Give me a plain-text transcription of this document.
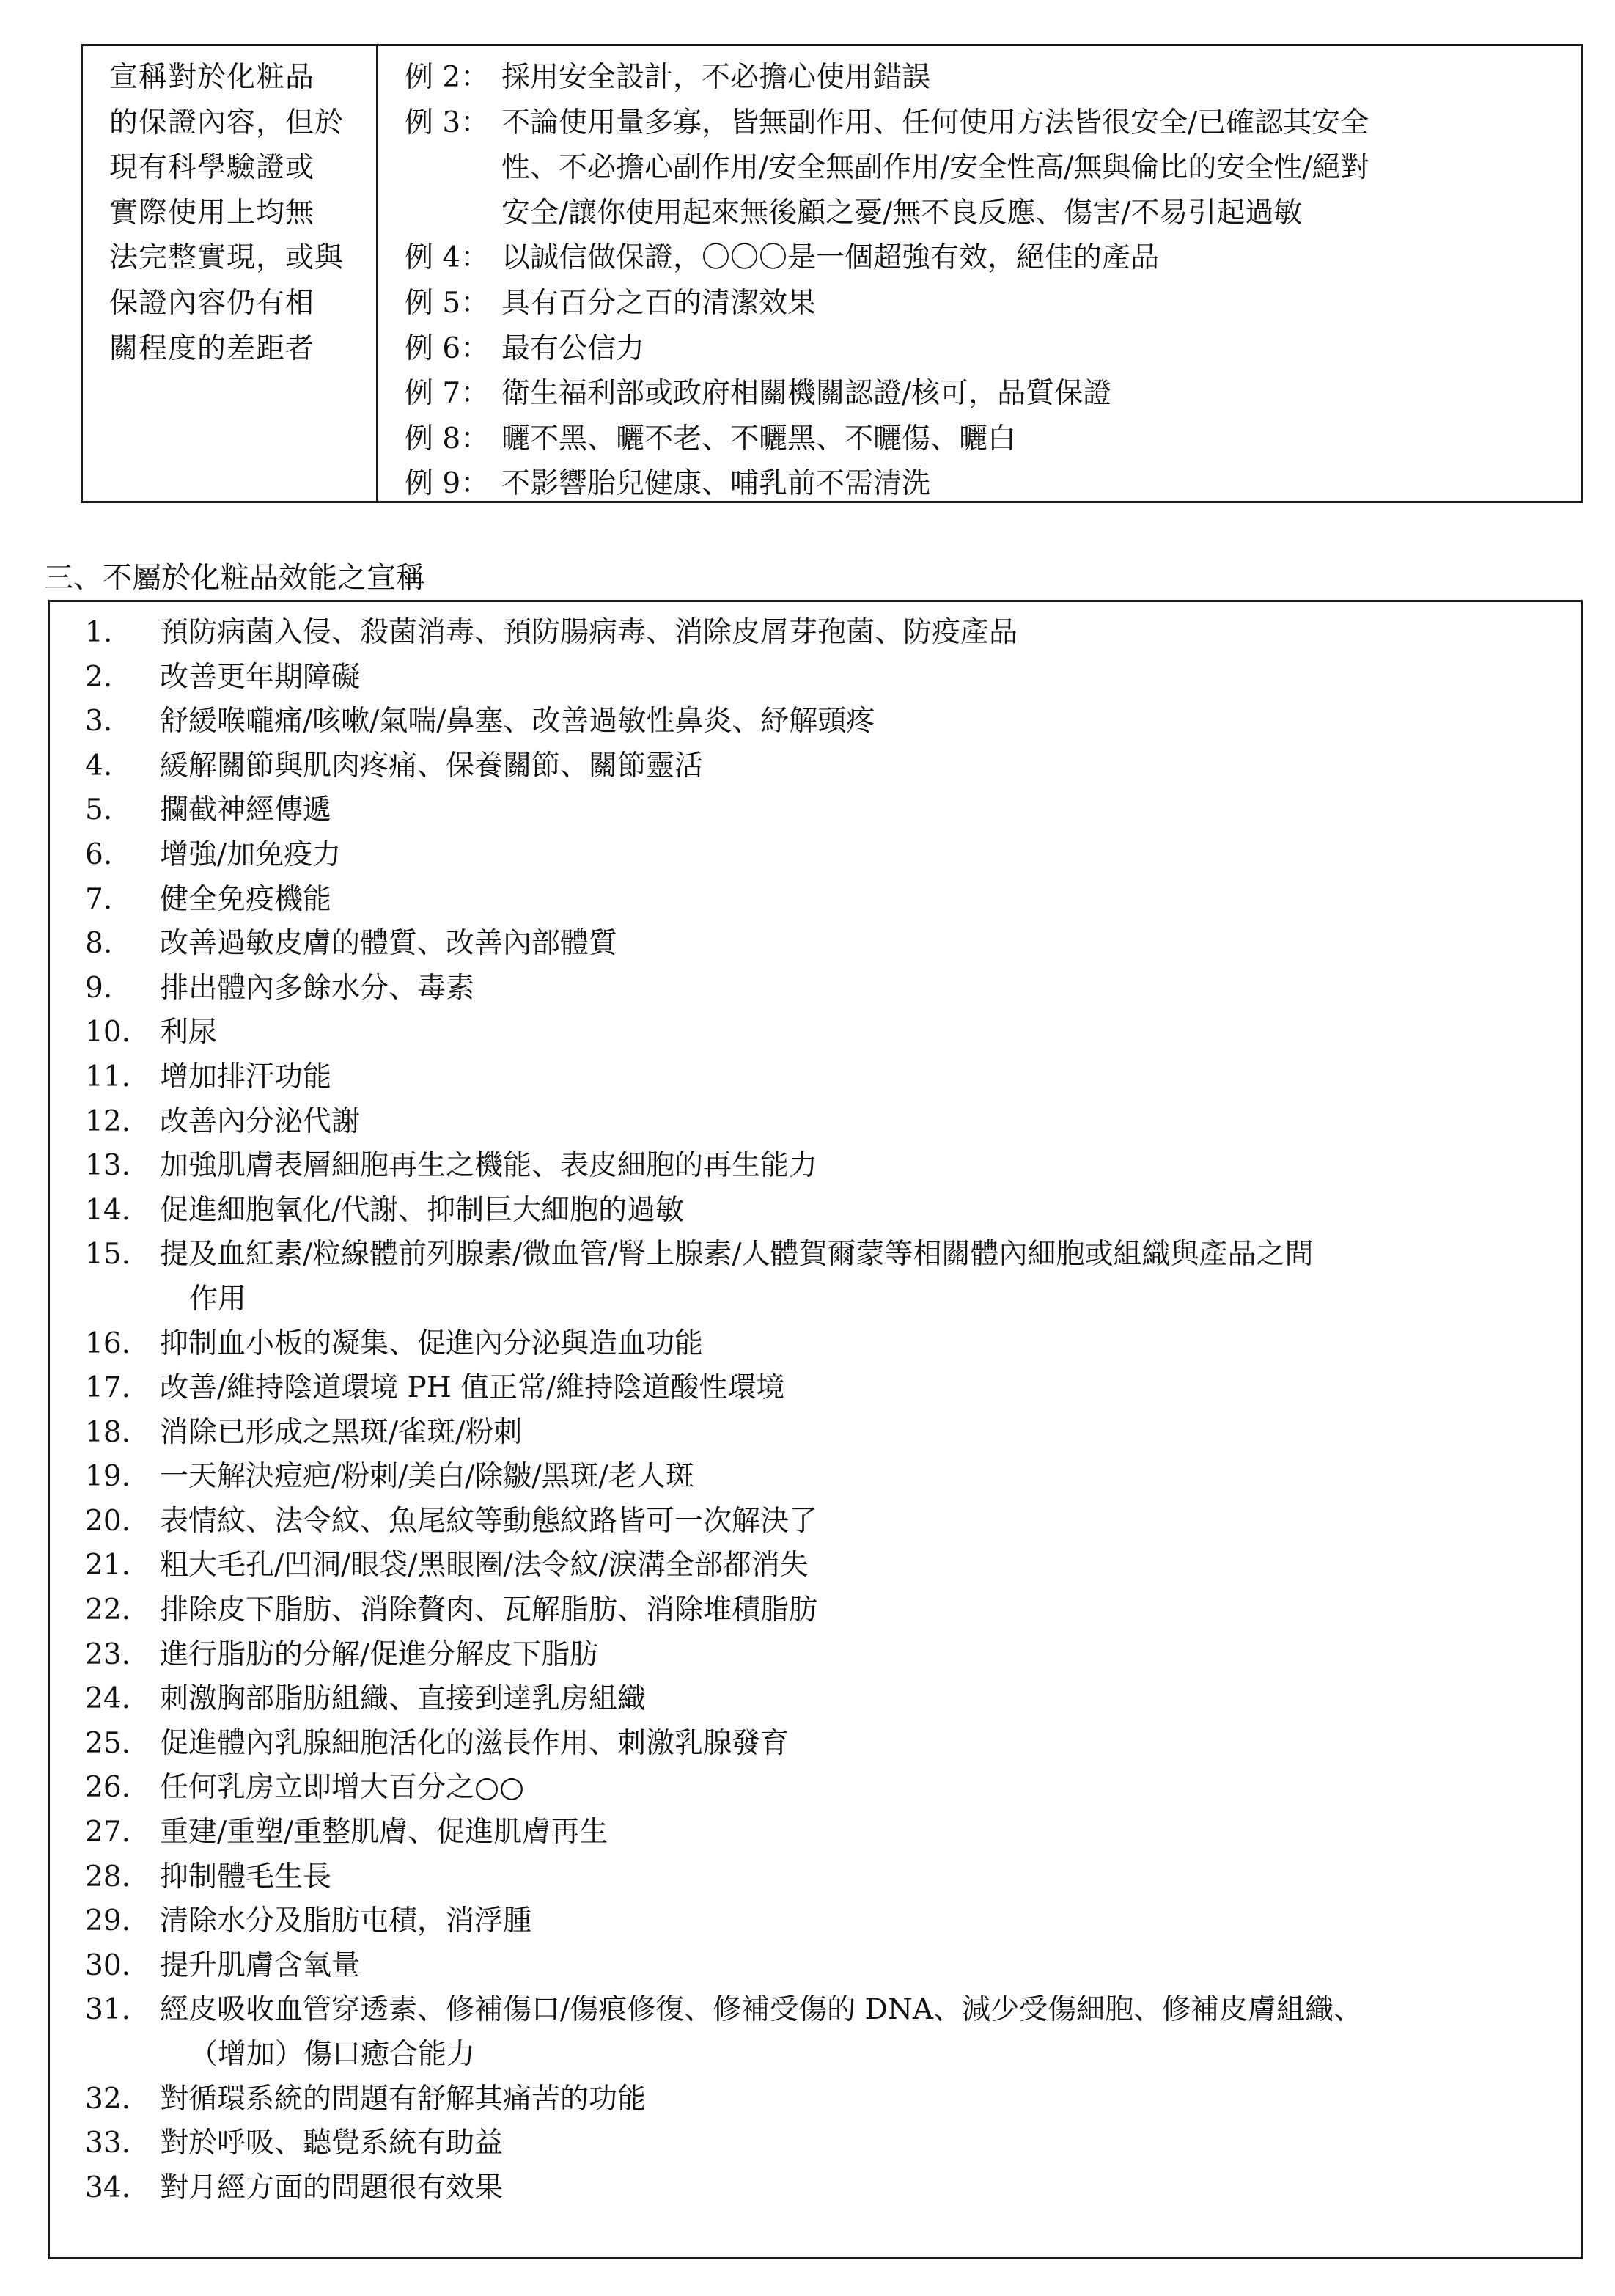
宣稱對於化粧品
的保證內容，但於
現有科學驗證或
實際使用上均無
法完整實現，或與
保證內容仍有相
關程度的差距者
例 2： 採用安全設計，不必擔心使用錯誤
例 3： 不論使用量多寡，皆無副作用、任何使用方法皆很安全/已確認其安全
性、不必擔心副作用/安全無副作用/安全性高/無與倫比的安全性/絕對
安全/讓你使用起來無後顧之憂/無不良反應、傷害/不易引起過敏
例 4： 以誠信做保證，〇〇〇是一個超強有效，絕佳的產品
例 5： 具有百分之百的清潔效果
例 6： 最有公信力
例 7： 衛生福利部或政府相關機關認證/核可，品質保證
例 8： 曬不黑、曬不老、不曬黑、不曬傷、曬白
例 9： 不影響胎兒健康、哺乳前不需清洗
三、不屬於化粧品效能之宣稱
1.	預防病菌入侵、殺菌消毒、預防腸病毒、消除皮屑芽孢菌、防疫產品
2.	改善更年期障礙
3.	舒緩喉嚨痛/咳嗽/氣喘/鼻塞、改善過敏性鼻炎、紓解頭疼
4.	緩解關節與肌肉疼痛、保養關節、關節靈活
5.	攔截神經傳遞
6.	增強/加免疫力
7.	健全免疫機能
8.	改善過敏皮膚的體質、改善內部體質
9.	排出體內多餘水分、毒素
10.	利尿
11.	增加排汗功能
12.	改善內分泌代謝
13.	加強肌膚表層細胞再生之機能、表皮細胞的再生能力
14.	促進細胞氧化/代謝、抑制巨大細胞的過敏
15.	提及血紅素/粒線體前列腺素/微血管/腎上腺素/人體賀爾蒙等相關體內細胞或組織與產品之間
作用
16.	抑制血小板的凝集、促進內分泌與造血功能
17.	改善/維持陰道環境 PH 值正常/維持陰道酸性環境
18.	消除已形成之黑斑/雀斑/粉刺
19.	一天解決痘疤/粉刺/美白/除皺/黑斑/老人斑
20.	表情紋、法令紋、魚尾紋等動態紋路皆可一次解決了
21.	粗大毛孔/凹洞/眼袋/黑眼圈/法令紋/淚溝全部都消失
22.	排除皮下脂肪、消除贅肉、瓦解脂肪、消除堆積脂肪
23.	進行脂肪的分解/促進分解皮下脂肪
24.	刺激胸部脂肪組織、直接到達乳房組織
25.	促進體內乳腺細胞活化的滋長作用、刺激乳腺發育
26.	任何乳房立即增大百分之○○
27.	重建/重塑/重整肌膚、促進肌膚再生
28.	抑制體毛生長
29.	清除水分及脂肪屯積，消浮腫
30.	提升肌膚含氧量
31.	經皮吸收血管穿透素、修補傷口/傷痕修復、修補受傷的 DNA、減少受傷細胞、修補皮膚組織、
（增加）傷口癒合能力
32.	對循環系統的問題有舒解其痛苦的功能
33.	對於呼吸、聽覺系統有助益
34.	對月經方面的問題很有效果
